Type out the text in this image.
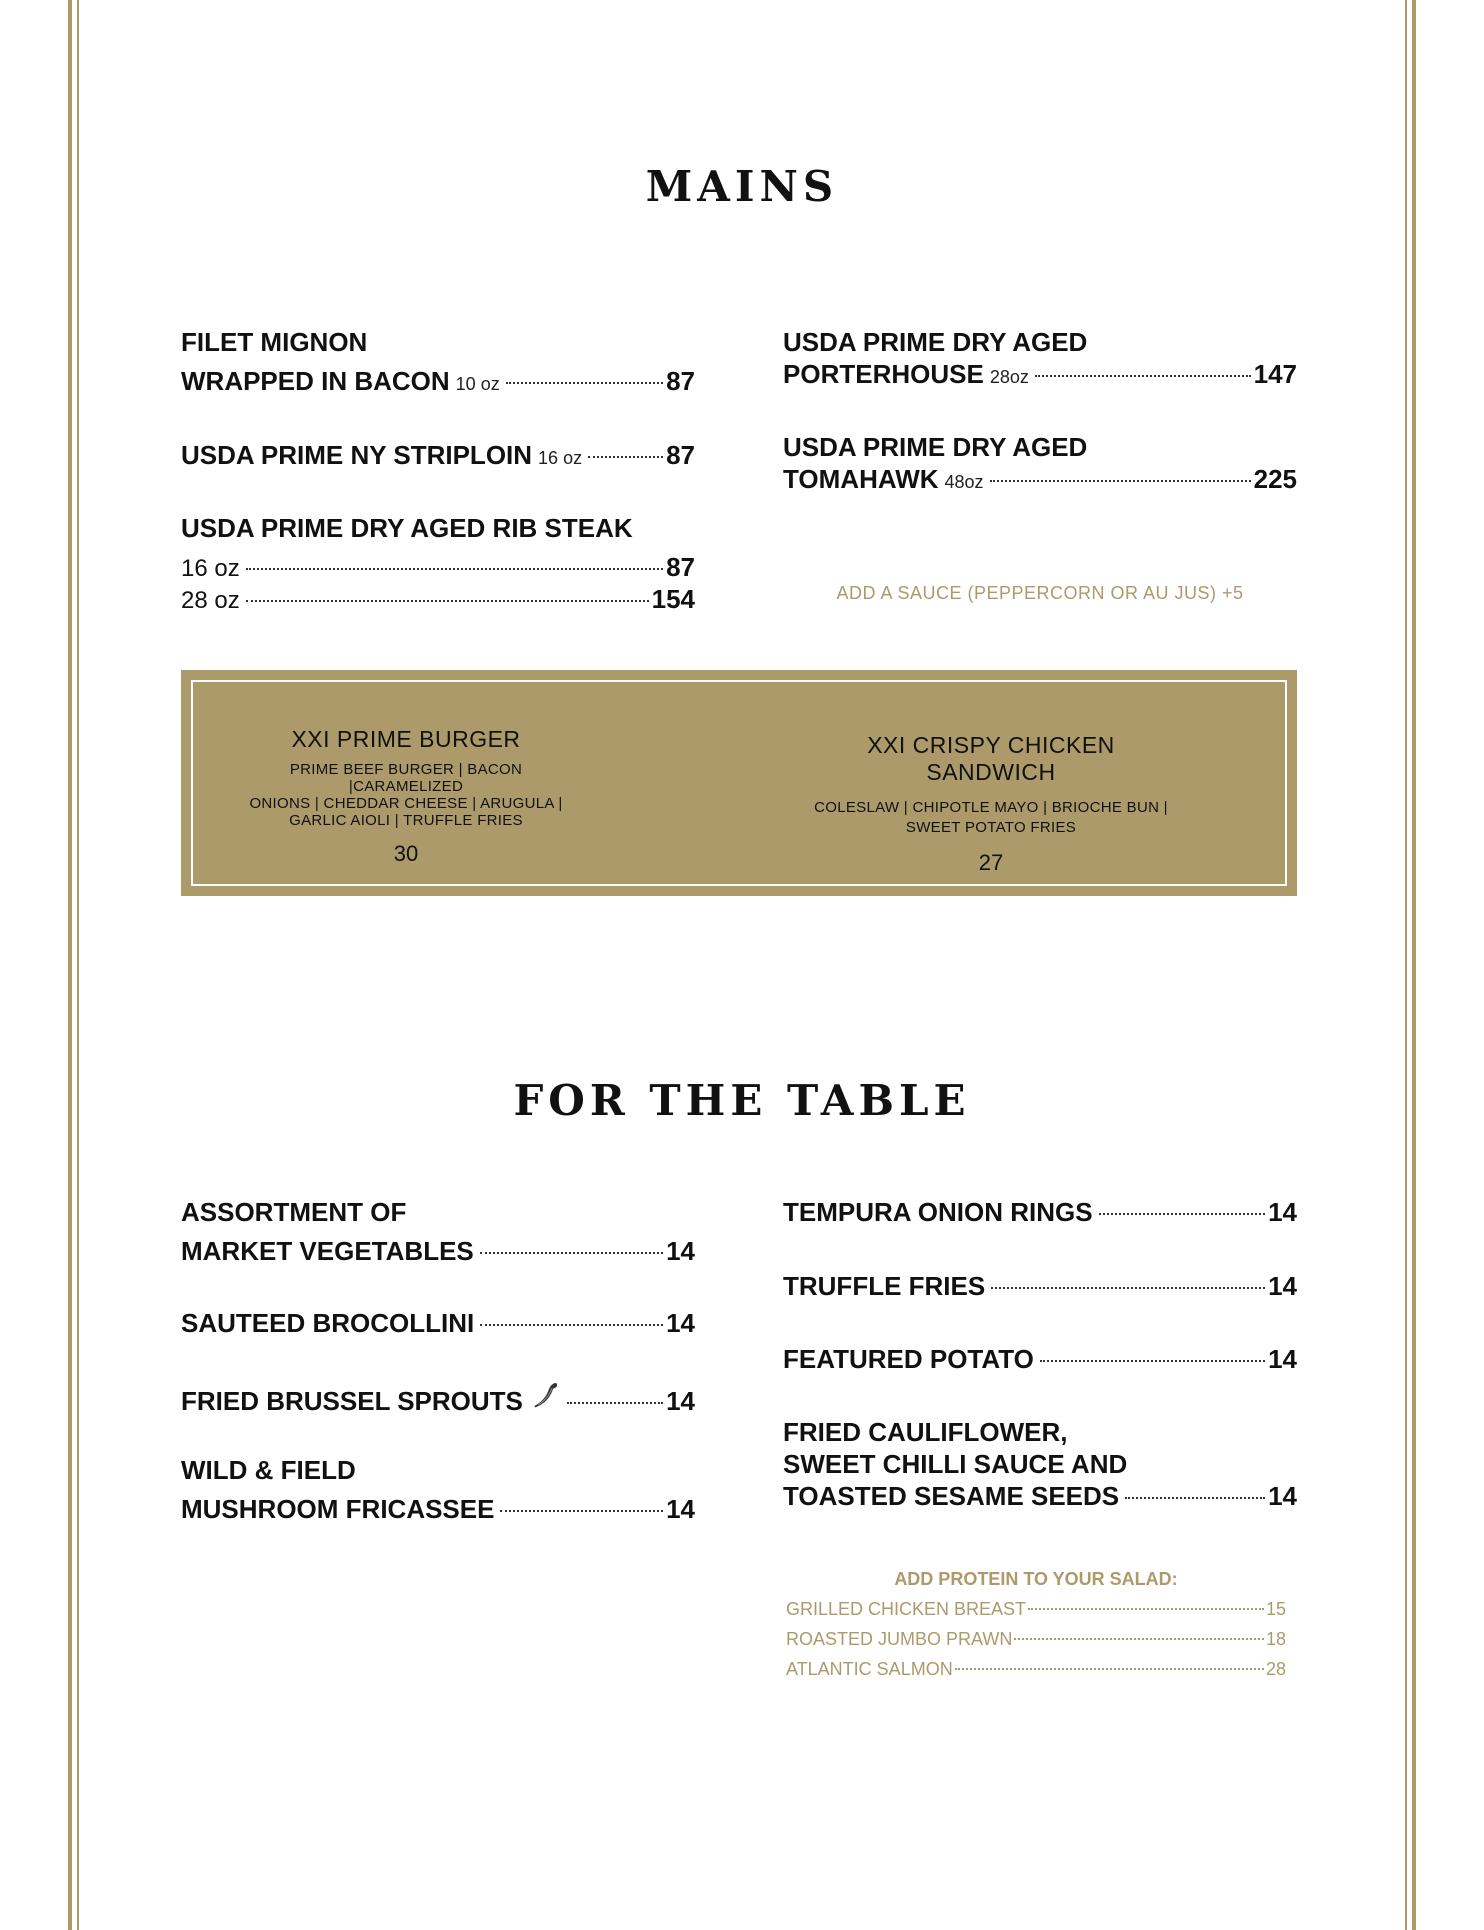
MAINS
FILET MIGNON
WRAPPED IN BACON 10 oz	87
USDA PRIME NY STRIPLOIN 16 oz	87
USDA PRIME DRY AGED RIB STEAK
16 oz	87
28 oz	154
USDA PRIME DRY AGED
PORTERHOUSE 28oz	147
USDA PRIME DRY AGED
TOMAHAWK 48oz	225
ADD A SAUCE (PEPPERCORN OR AU JUS) +5
XXI PRIME BURGER
PRIME BEEF BURGER | BACON |CARAMELIZED
ONIONS | CHEDDAR CHEESE | ARUGULA |
GARLIC AIOLI | TRUFFLE FRIES
30
XXI CRISPY CHICKEN SANDWICH
COLESLAW | CHIPOTLE MAYO | BRIOCHE BUN |
SWEET POTATO FRIES
27
FOR THE TABLE
ASSORTMENT OF
MARKET VEGETABLES	14
SAUTEED BROCOLLINI	14
FRIED BRUSSEL SPROUTS	14
WILD & FIELD
MUSHROOM FRICASSEE	14
TEMPURA ONION RINGS	14
TRUFFLE FRIES	14
FEATURED POTATO	14
FRIED CAULIFLOWER,
SWEET CHILLI SAUCE AND
TOASTED SESAME SEEDS	14
ADD PROTEIN TO YOUR SALAD:
GRILLED CHICKEN BREAST	15
ROASTED JUMBO PRAWN	18
ATLANTIC SALMON	28
